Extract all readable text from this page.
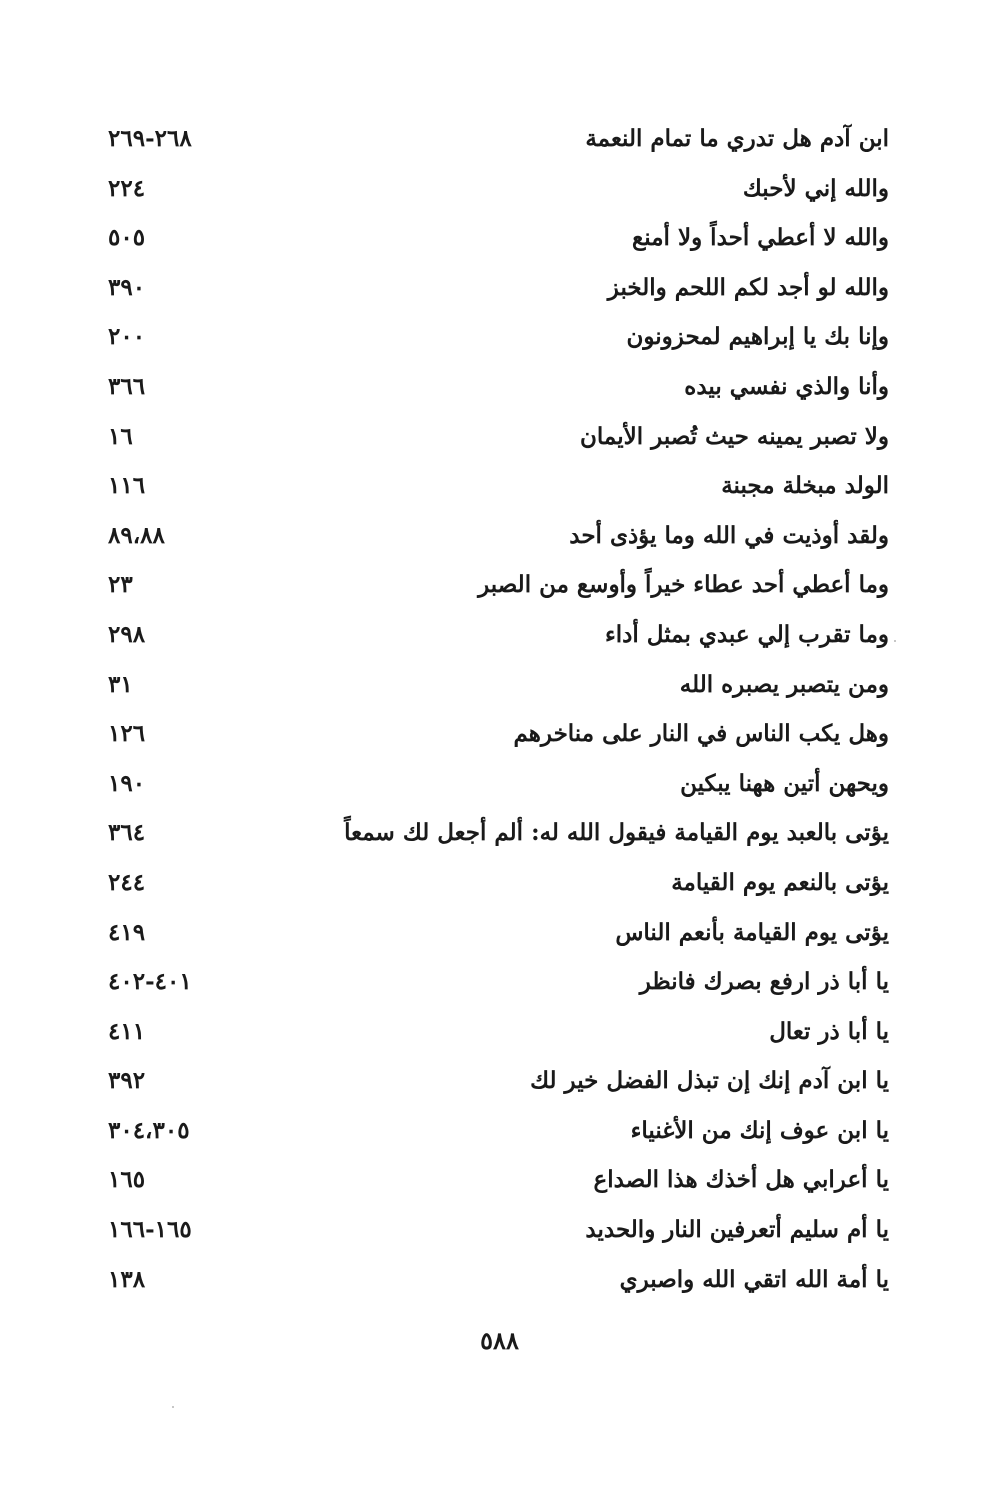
ابن آدم هل تدري ما تمام النعمة
٢٦٨-٢٦٩
والله إني لأحبك
٢٢٤
والله لا أعطي أحداً ولا أمنع
٥٠٥
والله لو أجد لكم اللحم والخبز
٣٩٠
وإنا بك يا إبراهيم لمحزونون
٢٠٠
وأنا والذي نفسي بيده
٣٦٦
ولا تصبر يمينه حيث تُصبر الأيمان
١٦
الولد مبخلة مجبنة
١١٦
ولقد أوذيت في الله وما يؤذى أحد
٨٩،٨٨
وما أعطي أحد عطاء خيراً وأوسع من الصبر
٢٣
وما تقرب إلي عبدي بمثل أداء
٢٩٨
ومن يتصبر يصبره الله
٣١
وهل يكب الناس في النار على مناخرهم
١٢٦
ويحهن أتين ههنا يبكين
١٩٠
يؤتى بالعبد يوم القيامة فيقول الله له: ألم أجعل لك سمعاً
٣٦٤
يؤتى بالنعم يوم القيامة
٢٤٤
يؤتى يوم القيامة بأنعم الناس
٤١٩
يا أبا ذر ارفع بصرك فانظر
٤٠١-٤٠٢
يا أبا ذر تعال
٤١١
يا ابن آدم إنك إن تبذل الفضل خير لك
٣٩٢
يا ابن عوف إنك من الأغنياء
٣٠٤،٣٠٥
يا أعرابي هل أخذك هذا الصداع
١٦٥
يا أم سليم أتعرفين النار والحديد
١٦٥-١٦٦
يا أمة الله اتقي الله واصبري
١٣٨
٥٨٨
